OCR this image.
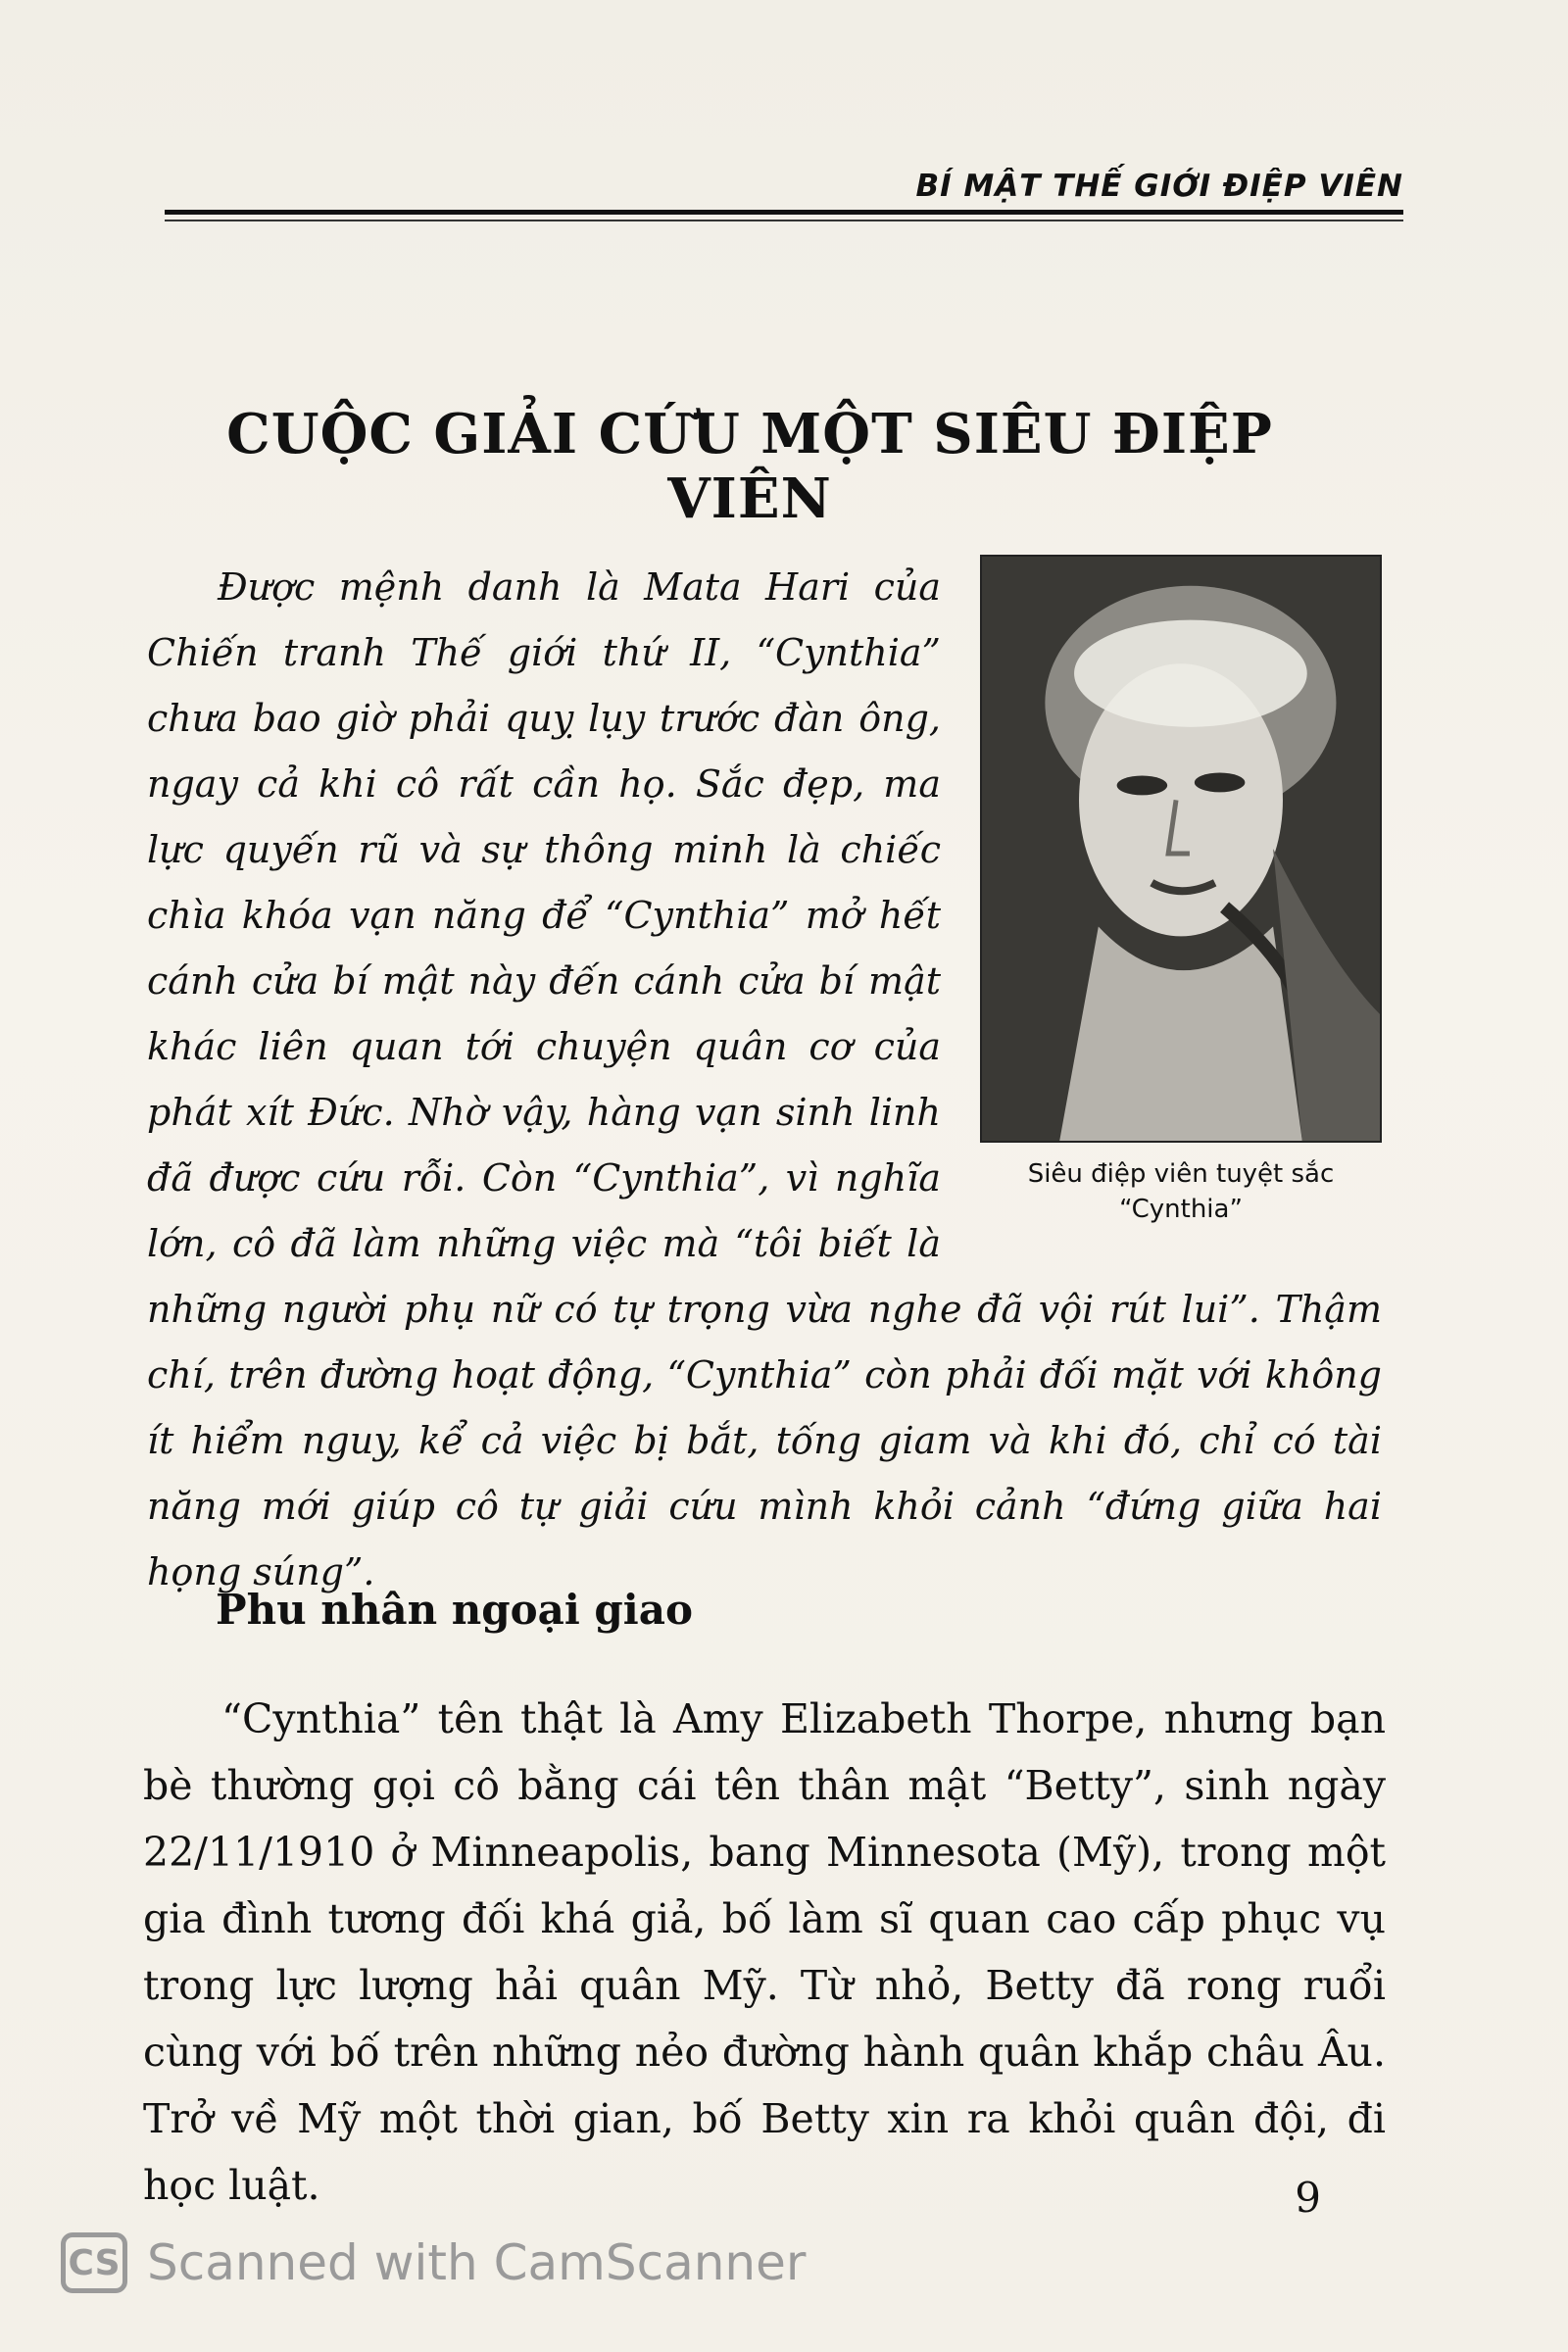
BÍ MẬT THẾ GIỚI ĐIỆP VIÊN
CUỘC GIẢI CỨU MỘT SIÊU ĐIỆP VIÊN
Siêu điệp viên tuyệt sắc “Cynthia”
Được mệnh danh là Mata Hari của Chiến tranh Thế giới thứ II, “Cynthia” chưa bao giờ phải quỵ lụy trước đàn ông, ngay cả khi cô rất cần họ. Sắc đẹp, ma lực quyến rũ và sự thông minh là chiếc chìa khóa vạn năng để “Cynthia” mở hết cánh cửa bí mật này đến cánh cửa bí mật khác liên quan tới chuyện quân cơ của phát xít Đức. Nhờ vậy, hàng vạn sinh linh đã được cứu rỗi. Còn “Cynthia”, vì nghĩa lớn, cô đã làm những việc mà “tôi biết là những người phụ nữ có tự trọng vừa nghe đã vội rút lui”. Thậm chí, trên đường hoạt động, “Cynthia” còn phải đối mặt với không ít hiểm nguy, kể cả việc bị bắt, tống giam và khi đó, chỉ có tài năng mới giúp cô tự giải cứu mình khỏi cảnh “đứng giữa hai họng súng”.
Phu nhân ngoại giao

“Cynthia” tên thật là Amy Elizabeth Thorpe, nhưng bạn bè thường gọi cô bằng cái tên thân mật “Betty”, sinh ngày 22/11/1910 ở Minneapolis, bang Minnesota (Mỹ), trong một gia đình tương đối khá giả, bố làm sĩ quan cao cấp phục vụ trong lực lượng hải quân Mỹ. Từ nhỏ, Betty đã rong ruổi cùng với bố trên những nẻo đường hành quân khắp châu Âu. Trở về Mỹ một thời gian, bố Betty xin ra khỏi quân đội, đi học luật.	9
CS Scanned with CamScanner
